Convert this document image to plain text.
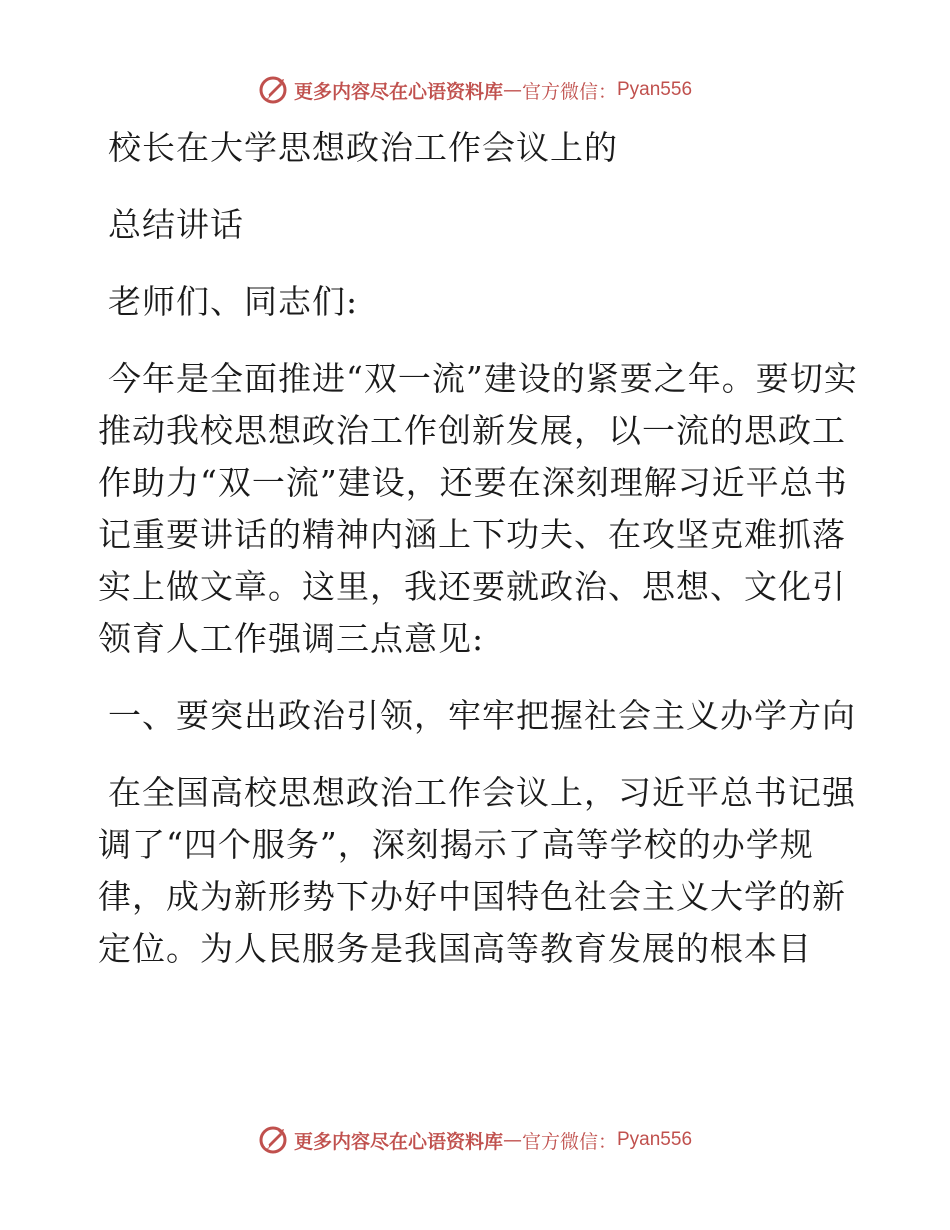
更多内容尽在心语资料库 — 官方微信： Pyan556

校长在大学思想政治工作会议上的

总结讲话

老师们、同志们:

今年是全面推进“双一流”建设的紧要之年。要切实推动我校思想政治工作创新发展，以一流的思政工作助力“双一流”建设，还要在深刻理解习近平总书记重要讲话的精神内涵上下功夫、在攻坚克难抓落实上做文章。这里，我还要就政治、思想、文化引领育人工作强调三点意见:

一、要突出政治引领，牢牢把握社会主义办学方向

在全国高校思想政治工作会议上，习近平总书记强调了“四个服务”，深刻揭示了高等学校的办学规律，成为新形势下办好中国特色社会主义大学的新定位。为人民服务是我国高等教育发展的根本目

更多内容尽在心语资料库 — 官方微信： Pyan556
